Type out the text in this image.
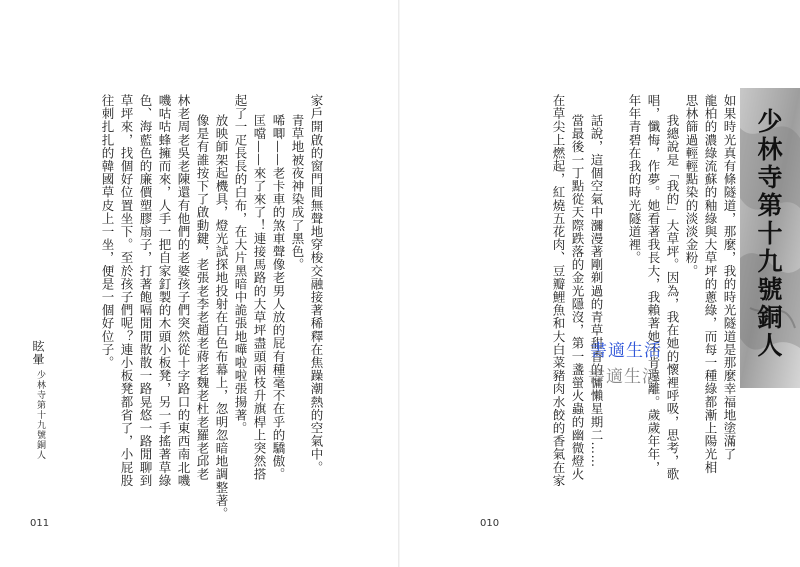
家戶開啟的窗門間無聲地穿梭交融接著稀釋在焦躁潮熱的空氣中。
青草地被夜神染成了黑色。
唏唧——老卡車的煞車聲像老男人放的屁有種毫不在乎的驕傲。
匡噹——來了來了！連接馬路的大草坪盡頭兩枝升旗桿上突然搭
起了一疋長長的白布，在大片黑暗中詭張地嘩啦啦張揚著。
放映師架起機具，燈光試探地投射在白色布幕上，忽明忽暗地調整著。
像是有誰按下了啟動鍵，老張老李老趙老蔣老魏老杜老羅老邱老
林老周老吳老陳還有他們的老婆孩子們突然從十字路口的東西南北嘰
嘰咕咕蜂擁而來，人手一把自家釘製的木頭小板凳，另一手搖著草綠
色、海藍色的廉價塑膠扇子，打著飽嗝閒閒散散一路晃悠一路閒聊到
草坪來，找個好位置坐下。至於孩子們呢？連小板凳都省了，小屁股
往刺扎扎的韓國草皮上一坐，便是一個好位子。
眩暈
少林寺第十九號銅人
011
如果時光真有條隧道，那麼，我的時光隧道是那麼幸福地塗滿了
龍柏的濃綠流蘇的釉綠與大草坪的蔥綠，而每一種綠都漸上陽光相
思林篩過輕輕點染的淡淡金粉。
我總說是「我的」大草坪。因為，我在她的懷裡呼吸，思考，歌
唱，懺悔，作夢。她看著我長大，我賴著她不肯遠離。歲歲年年，
年年青碧在我的時光隧道裡。
話說，這個空氣中瀰漫著剛剃過的青草甜香的慵懶星期二……
當最後一丁點從天際跌落的金光隱沒，第一盞螢火蟲的幽微燈火
在草尖上燃起，紅燒五花肉、豆瓣鯉魚和大白菜豬肉水餃的香氣在家	少林寺第十九號銅人
書適生活
書適生活
010
